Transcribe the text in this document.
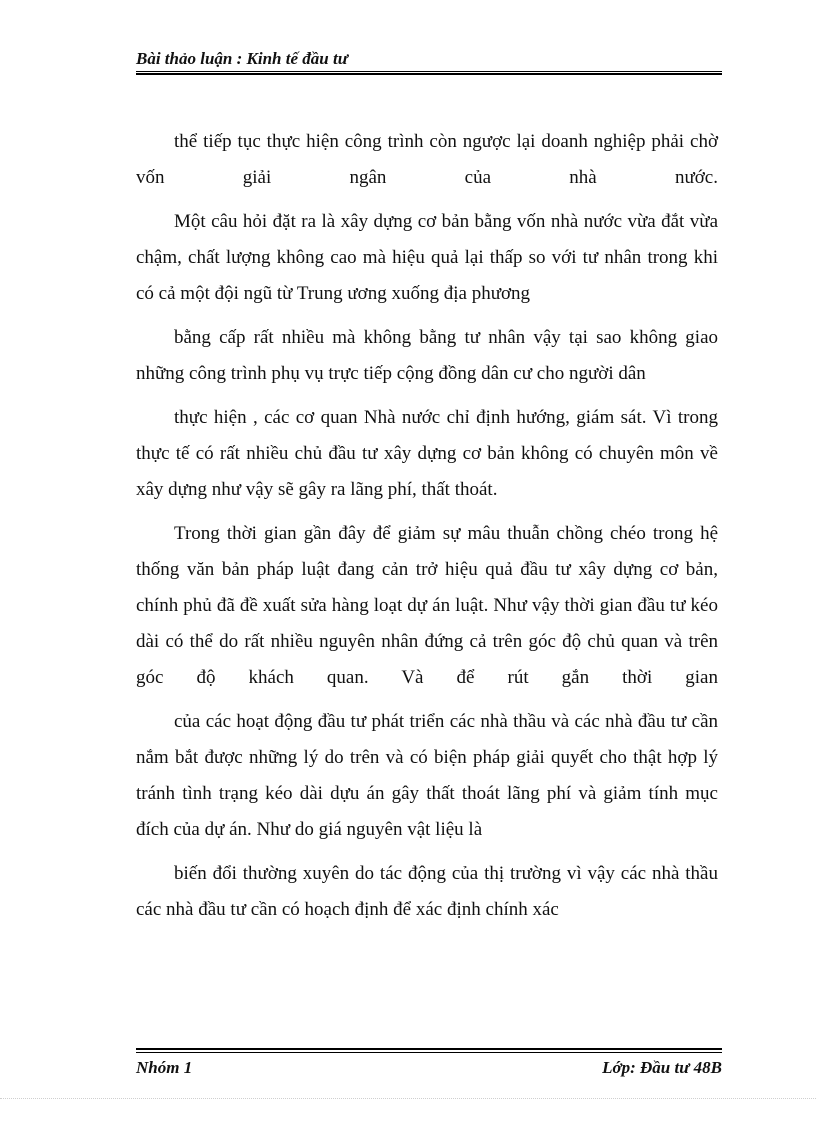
Bài thảo luận : Kinh tế đầu tư

thể tiếp tục thực hiện công trình còn ngược lại doanh nghiệp phải chờ vốn giải ngân của nhà nước.

Một câu hỏi đặt ra là xây dựng cơ bản bằng vốn nhà nước vừa đắt vừa chậm, chất lượng không cao mà hiệu quả lại thấp so với tư nhân trong khi có cả một đội ngũ từ Trung ương xuống địa phương

bằng cấp rất nhiều mà không bằng tư nhân vậy tại sao không giao những công trình phụ vụ trực tiếp cộng đồng dân cư cho người dân

thực hiện , các cơ quan Nhà nước chỉ định hướng, giám sát. Vì trong thực tế có rất nhiều chủ đầu tư xây dựng cơ bản không có chuyên môn về xây dựng như vậy sẽ gây ra lãng phí, thất thoát.

Trong thời gian gần đây để giảm sự mâu thuẫn chồng chéo trong hệ thống văn bản pháp luật đang cản trở hiệu quả đầu tư xây dựng cơ bản, chính phủ đã đề xuất sửa hàng loạt dự án luật. Như vậy thời gian đầu tư kéo dài có thể do rất nhiều nguyên nhân đứng cả trên góc độ chủ quan và trên góc độ khách quan. Và để rút gắn thời gian

của các hoạt động đầu tư phát triển các nhà thầu và các nhà đầu tư cần nắm bắt được những lý do trên và có biện pháp giải quyết cho thật hợp lý tránh tình trạng kéo dài dựu án gây thất thoát lãng phí và giảm tính mục đích của dự án. Như do giá nguyên vật liệu là

biến đổi thường xuyên do tác động của thị trường vì vậy các nhà thầu các nhà đầu tư cần có hoạch định để xác định chính xác

Nhóm 1	Lớp: Đầu tư 48B
